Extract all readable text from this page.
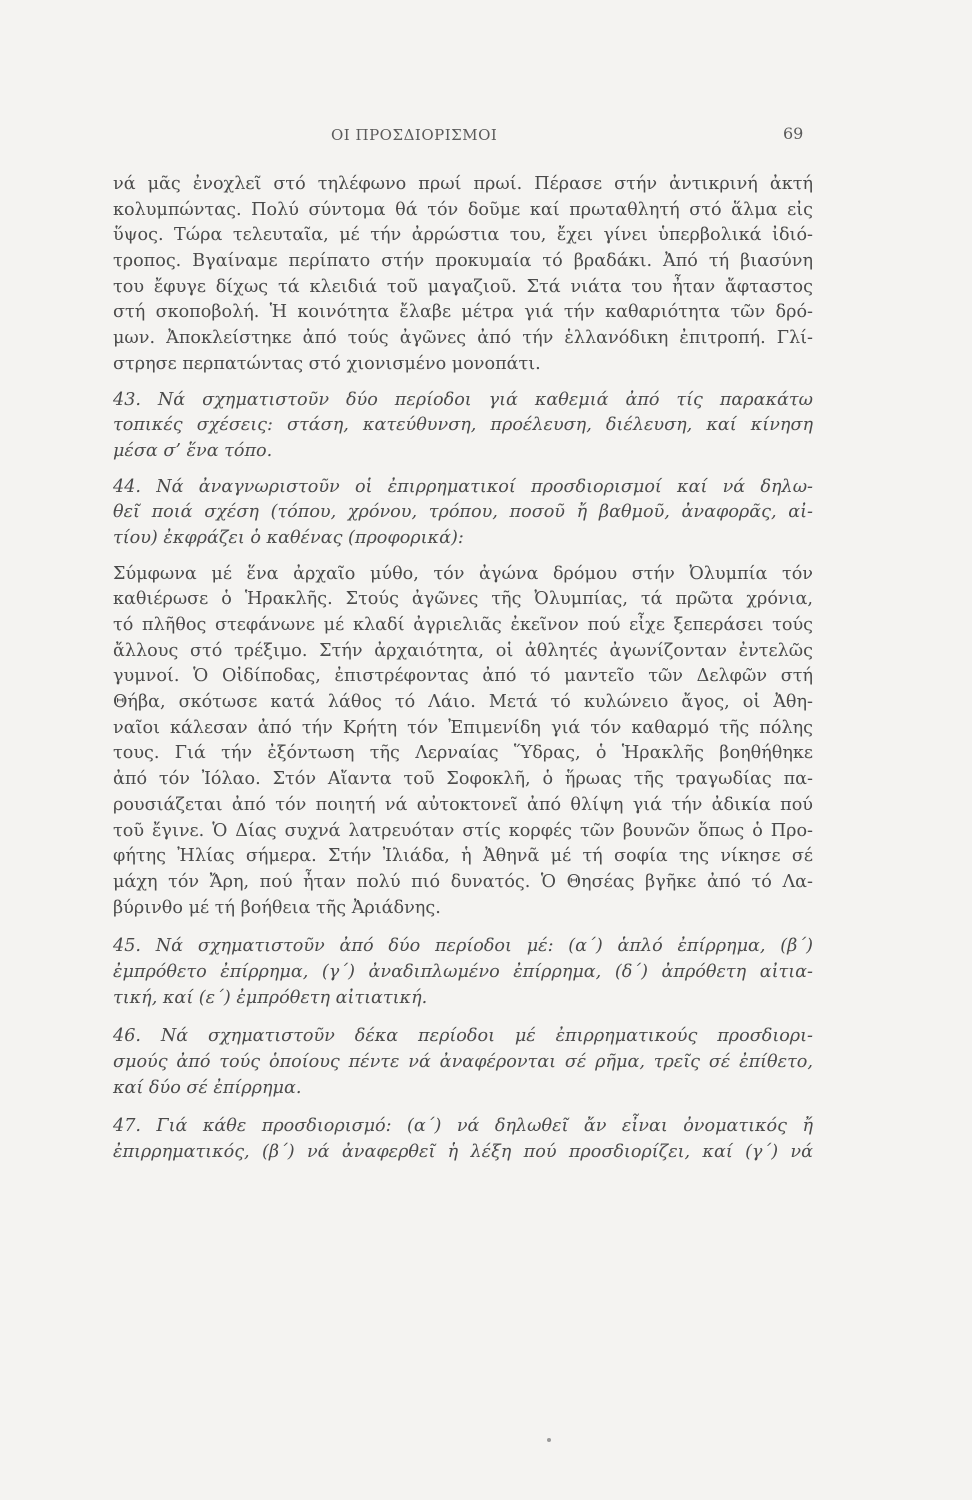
ΟΙ ΠΡΟΣΔΙΟΡΙΣΜΟΙ	69
νά μᾶς ἐνοχλεῖ στό τηλέφωνο πρωί πρωί. Πέρασε στήν ἀντικρινή ἀκτή
κολυμπώντας. Πολύ σύντομα θά τόν δοῦμε καί πρωταθλητή στό ἅλμα εἰς
ὕψος. Τώρα τελευταῖα, μέ τήν ἀρρώστια του, ἔχει γίνει ὑπερβολικά ἰδιό-
τροπος. Βγαίναμε περίπατο στήν προκυμαία τό βραδάκι. Ἀπό τή βιασύνη
του ἔφυγε δίχως τά κλειδιά τοῦ μαγαζιοῦ. Στά νιάτα του ἦταν ἄφταστος
στή σκοποβολή. Ἡ κοινότητα ἔλαβε μέτρα γιά τήν καθαριότητα τῶν δρό-
μων. Ἀποκλείστηκε ἀπό τούς ἀγῶνες ἀπό τήν ἑλλανόδικη ἐπιτροπή. Γλί-
στρησε περπατώντας στό χιονισμένο μονοπάτι.
43. Νά σχηματιστοῦν δύο περίοδοι γιά καθεμιά ἀπό τίς παρακάτω
τοπικές σχέσεις: στάση, κατεύθυνση, προέλευση, διέλευση, καί κίνηση
μέσα σ’ ἕνα τόπο.
44. Νά ἀναγνωριστοῦν οἱ ἐπιρρηματικοί προσδιορισμοί καί νά δηλω-
θεῖ ποιά σχέση (τόπου, χρόνου, τρόπου, ποσοῦ ἤ βαθμοῦ, ἀναφορᾶς, αἰ-
τίου) ἐκφράζει ὁ καθένας (προφορικά):
Σύμφωνα μέ ἕνα ἀρχαῖο μύθο, τόν ἀγώνα δρόμου στήν Ὀλυμπία τόν
καθιέρωσε ὁ Ἡρακλῆς. Στούς ἀγῶνες τῆς Ὀλυμπίας, τά πρῶτα χρόνια,
τό πλῆθος στεφάνωνε μέ κλαδί ἀγριελιᾶς ἐκεῖνον πού εἶχε ξεπεράσει τούς
ἄλλους στό τρέξιμο. Στήν ἀρχαιότητα, οἱ ἀθλητές ἀγωνίζονταν ἐντελῶς
γυμνοί. Ὁ Οἰδίποδας, ἐπιστρέφοντας ἀπό τό μαντεῖο τῶν Δελφῶν στή
Θήβα, σκότωσε κατά λάθος τό Λάιο. Μετά τό κυλώνειο ἄγος, οἱ Ἀθη-
ναῖοι κάλεσαν ἀπό τήν Κρήτη τόν Ἐπιμενίδη γιά τόν καθαρμό τῆς πόλης
τους. Γιά τήν ἐξόντωση τῆς Λερναίας Ὕδρας, ὁ Ἡρακλῆς βοηθήθηκε
ἀπό τόν Ἰόλαο. Στόν Αἴαντα τοῦ Σοφοκλῆ, ὁ ἥρωας τῆς τραγωδίας πα-
ρουσιάζεται ἀπό τόν ποιητή νά αὐτοκτονεῖ ἀπό θλίψη γιά τήν ἀδικία πού
τοῦ ἔγινε. Ὁ Δίας συχνά λατρευόταν στίς κορφές τῶν βουνῶν ὅπως ὁ Προ-
φήτης Ἠλίας σήμερα. Στήν Ἰλιάδα, ἡ Ἀθηνᾶ μέ τή σοφία της νίκησε σέ
μάχη τόν Ἄρη, πού ἦταν πολύ πιό δυνατός. Ὁ Θησέας βγῆκε ἀπό τό Λα-
βύρινθο μέ τή βοήθεια τῆς Ἀριάδνης.
45. Νά σχηματιστοῦν ἀπό δύο περίοδοι μέ: (α΄) ἁπλό ἐπίρρημα, (β΄)
ἐμπρόθετο ἐπίρρημα, (γ΄) ἀναδιπλωμένο ἐπίρρημα, (δ΄) ἀπρόθετη αἰτια-
τική, καί (ε΄) ἐμπρόθετη αἰτιατική.
46. Νά σχηματιστοῦν δέκα περίοδοι μέ ἐπιρρηματικούς προσδιορι-
σμούς ἀπό τούς ὁποίους πέντε νά ἀναφέρονται σέ ρῆμα, τρεῖς σέ ἐπίθετο,
καί δύο σέ ἐπίρρημα.
47. Γιά κάθε προσδιορισμό: (α΄) νά δηλωθεῖ ἄν εἶναι ὀνοματικός ἤ
ἐπιρρηματικός, (β΄) νά ἀναφερθεῖ ἡ λέξη πού προσδιορίζει, καί (γ΄) νά
